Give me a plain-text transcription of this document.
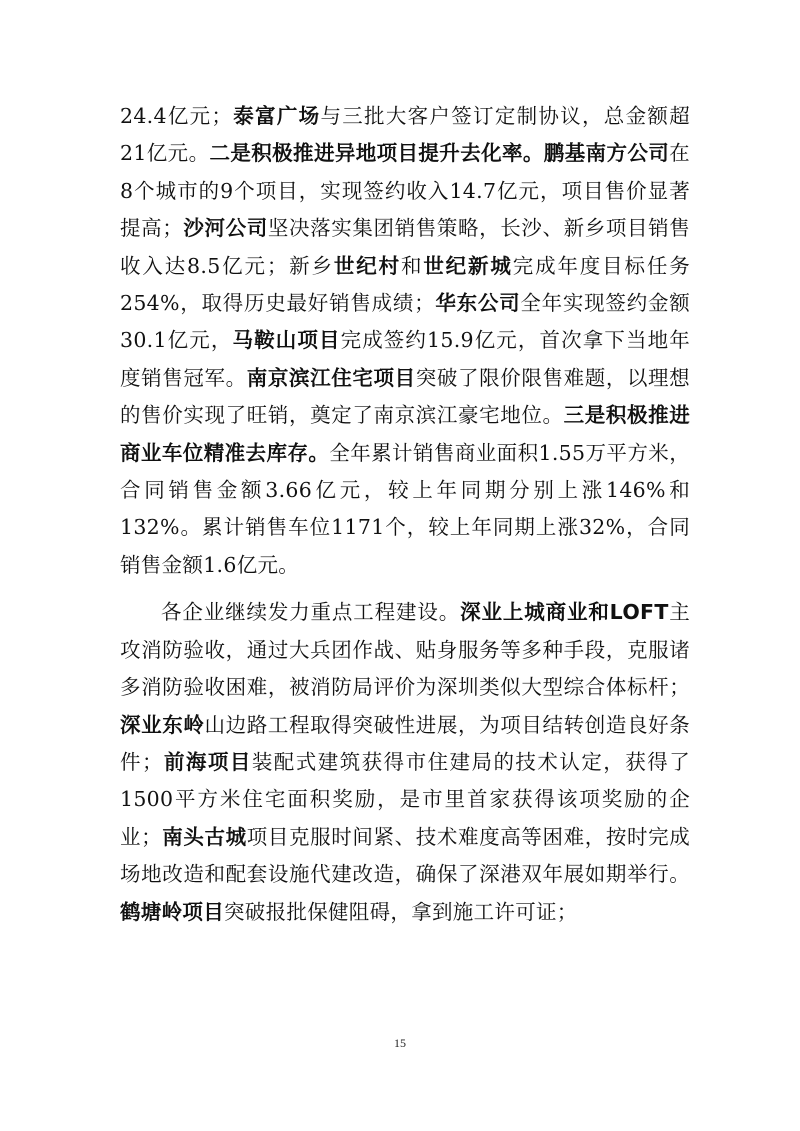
24.4亿元；泰富广场与三批大客户签订定制协议，总金额超21亿元。二是积极推进异地项目提升去化率。鹏基南方公司在8个城市的9个项目，实现签约收入14.7亿元，项目售价显著提高；沙河公司坚决落实集团销售策略，长沙、新乡项目销售收入达8.5亿元；新乡世纪村和世纪新城完成年度目标任务254%，取得历史最好销售成绩；华东公司全年实现签约金额30.1亿元，马鞍山项目完成签约15.9亿元，首次拿下当地年度销售冠军。南京滨江住宅项目突破了限价限售难题，以理想的售价实现了旺销，奠定了南京滨江豪宅地位。三是积极推进商业车位精准去库存。全年累计销售商业面积1.55万平方米，合同销售金额3.66亿元，较上年同期分别上涨146%和132%。累计销售车位1171个，较上年同期上涨32%，合同销售金额1.6亿元。

各企业继续发力重点工程建设。深业上城商业和LOFT主攻消防验收，通过大兵团作战、贴身服务等多种手段，克服诸多消防验收困难，被消防局评价为深圳类似大型综合体标杆；深业东岭山边路工程取得突破性进展，为项目结转创造良好条件；前海项目装配式建筑获得市住建局的技术认定，获得了1500平方米住宅面积奖励，是市里首家获得该项奖励的企业；南头古城项目克服时间紧、技术难度高等困难，按时完成场地改造和配套设施代建改造，确保了深港双年展如期举行。鹤塘岭项目突破报批保健阻碍，拿到施工许可证；

15
